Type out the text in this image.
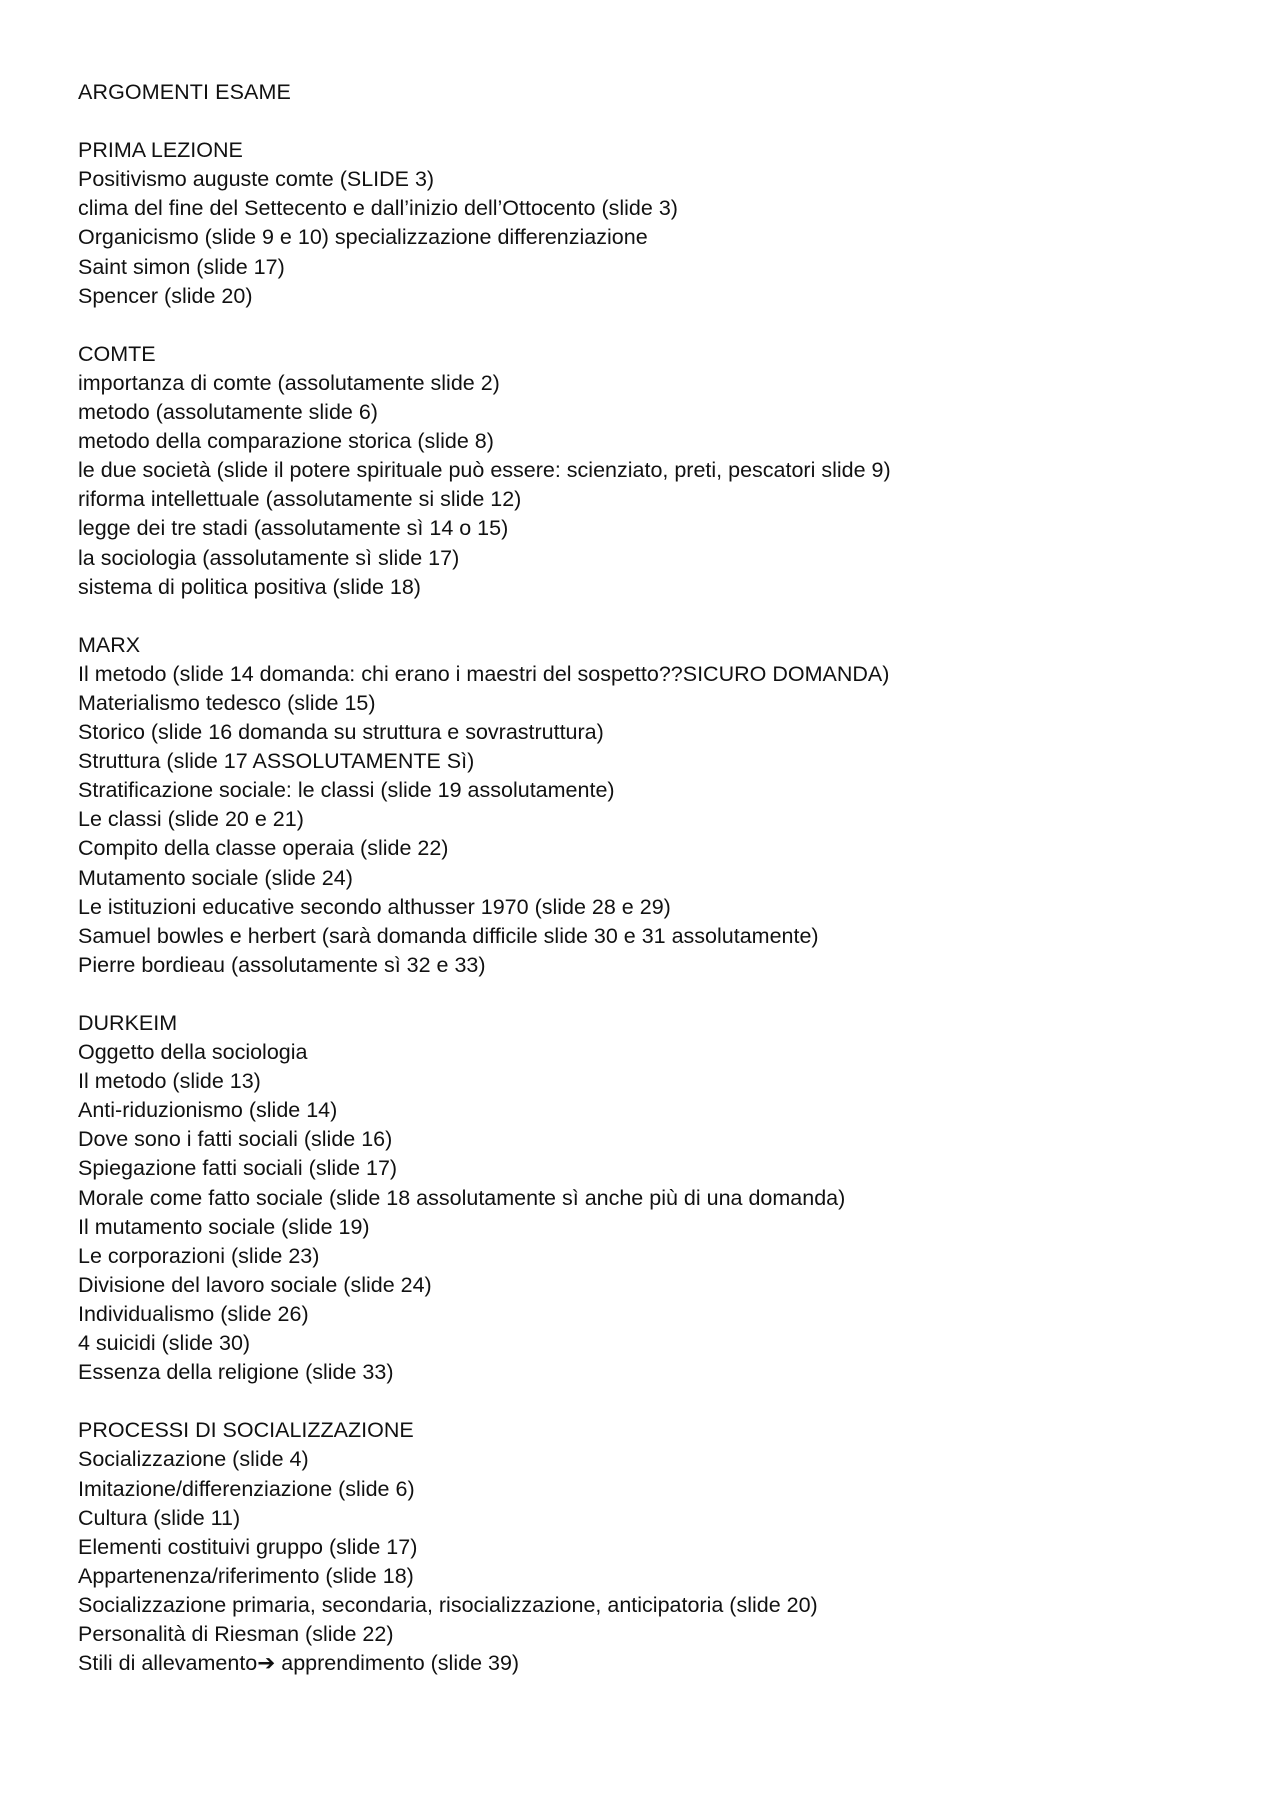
ARGOMENTI ESAME
PRIMA LEZIONE
Positivismo auguste comte (SLIDE 3)
clima del fine del Settecento e dall’inizio dell’Ottocento (slide 3)
Organicismo (slide 9 e 10) specializzazione differenziazione
Saint simon (slide 17)
Spencer (slide 20)
COMTE
importanza di comte (assolutamente slide 2)
metodo (assolutamente slide 6)
metodo della comparazione storica (slide 8)
le due società (slide il potere spirituale può essere: scienziato, preti, pescatori slide 9)
riforma intellettuale (assolutamente si slide 12)
legge dei tre stadi (assolutamente sì 14 o 15)
la sociologia (assolutamente sì slide 17)
sistema di politica positiva (slide 18)
MARX
Il metodo (slide 14 domanda: chi erano i maestri del sospetto??SICURO DOMANDA)
Materialismo tedesco (slide 15)
Storico (slide 16 domanda su struttura e sovrastruttura)
Struttura (slide 17 ASSOLUTAMENTE Sì)
Stratificazione sociale: le classi (slide 19 assolutamente)
Le classi (slide 20 e 21)
Compito della classe operaia (slide 22)
Mutamento sociale (slide 24)
Le istituzioni educative secondo althusser 1970 (slide 28 e 29)
Samuel bowles e herbert (sarà domanda difficile slide 30 e 31 assolutamente)
Pierre bordieau (assolutamente sì 32 e 33)
DURKEIM
Oggetto della sociologia
Il metodo (slide 13)
Anti-riduzionismo (slide 14)
Dove sono i fatti sociali (slide 16)
Spiegazione fatti sociali (slide 17)
Morale come fatto sociale (slide 18 assolutamente sì anche più di una domanda)
Il mutamento sociale (slide 19)
Le corporazioni (slide 23)
Divisione del lavoro sociale (slide 24)
Individualismo (slide 26)
4 suicidi (slide 30)
Essenza della religione (slide 33)
PROCESSI DI SOCIALIZZAZIONE
Socializzazione (slide 4)
Imitazione/differenziazione (slide 6)
Cultura (slide 11)
Elementi costituivi gruppo (slide 17)
Appartenenza/riferimento (slide 18)
Socializzazione primaria, secondaria, risocializzazione, anticipatoria (slide 20)
Personalità di Riesman (slide 22)
Stili di allevamento➔ apprendimento (slide 39)
